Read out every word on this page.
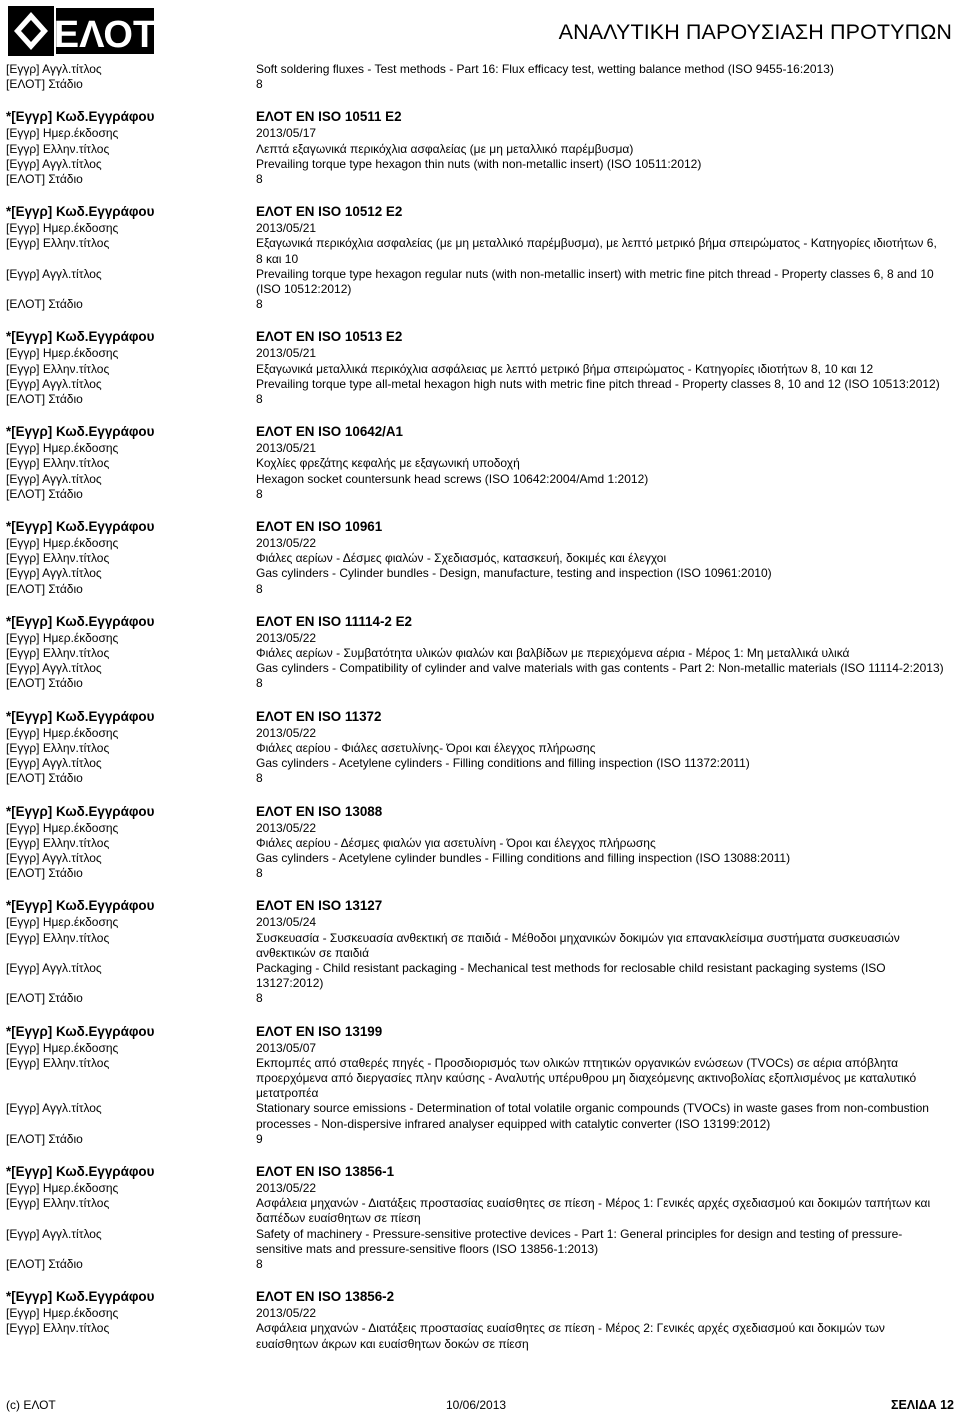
ΕΛΟΤ	ΑΝΑΛΥΤΙΚΗ ΠΑΡΟΥΣΙΑΣΗ ΠΡΟΤΥΠΩΝ
[Εγγρ] Αγγλ.τίτλος	Soft soldering fluxes - Test methods - Part 16: Flux efficacy test, wetting balance method (ISO 9455-16:2013)
[ΕΛΟΤ] Στάδιο	8
*[Εγγρ] Κωδ.Εγγράφου	ΕΛΟΤ EN ISO 10511 E2
[Εγγρ] Ημερ.έκδοσης	2013/05/17
[Εγγρ] Ελλην.τίτλος	Λεπτά εξαγωνικά περικόχλια ασφαλείας (με μη μεταλλικό παρέμβυσμα)
[Εγγρ] Αγγλ.τίτλος	Prevailing torque type hexagon thin nuts (with non-metallic insert) (ISO 10511:2012)
[ΕΛΟΤ] Στάδιο	8
*[Εγγρ] Κωδ.Εγγράφου	ΕΛΟΤ EN ISO 10512 E2
[Εγγρ] Ημερ.έκδοσης	2013/05/21
[Εγγρ] Ελλην.τίτλος	Εξαγωνικά περικόχλια ασφαλείας (με μη μεταλλικό παρέμβυσμα), με λεπτό μετρικό βήμα σπειρώματος - Κατηγορίες ιδιοτήτων 6, 8 και 10
[Εγγρ] Αγγλ.τίτλος	Prevailing torque type hexagon regular nuts (with non-metallic insert) with metric fine pitch thread - Property classes 6, 8 and 10 (ISO 10512:2012)
[ΕΛΟΤ] Στάδιο	8
*[Εγγρ] Κωδ.Εγγράφου	ΕΛΟΤ EN ISO 10513 E2
[Εγγρ] Ημερ.έκδοσης	2013/05/21
[Εγγρ] Ελλην.τίτλος	Εξαγωνικά μεταλλικά περικόχλια ασφάλειας με λεπτό μετρικό βήμα σπειρώματος - Κατηγορίες ιδιοτήτων 8, 10 και 12
[Εγγρ] Αγγλ.τίτλος	Prevailing torque type all-metal hexagon high nuts with metric fine pitch thread - Property classes 8, 10 and 12 (ISO 10513:2012)
[ΕΛΟΤ] Στάδιο	8
*[Εγγρ] Κωδ.Εγγράφου	ΕΛΟΤ EN ISO 10642/A1
[Εγγρ] Ημερ.έκδοσης	2013/05/21
[Εγγρ] Ελλην.τίτλος	Κοχλίες φρεζάτης κεφαλής με εξαγωνική υποδοχή
[Εγγρ] Αγγλ.τίτλος	Hexagon socket countersunk head screws (ISO 10642:2004/Amd 1:2012)
[ΕΛΟΤ] Στάδιο	8
*[Εγγρ] Κωδ.Εγγράφου	ΕΛΟΤ EN ISO 10961
[Εγγρ] Ημερ.έκδοσης	2013/05/22
[Εγγρ] Ελλην.τίτλος	Φιάλες αερίων - Δέσμες φιαλών - Σχεδιασμός, κατασκευή, δοκιμές και έλεγχοι
[Εγγρ] Αγγλ.τίτλος	Gas cylinders - Cylinder bundles - Design, manufacture, testing and inspection (ISO 10961:2010)
[ΕΛΟΤ] Στάδιο	8
*[Εγγρ] Κωδ.Εγγράφου	ΕΛΟΤ EN ISO 11114-2 E2
[Εγγρ] Ημερ.έκδοσης	2013/05/22
[Εγγρ] Ελλην.τίτλος	Φιάλες αερίων - Συμβατότητα υλικών φιαλών και βαλβίδων με περιεχόμενα αέρια - Μέρος 1: Μη μεταλλικά υλικά
[Εγγρ] Αγγλ.τίτλος	Gas cylinders - Compatibility of cylinder and valve materials with gas contents - Part 2: Non-metallic materials (ISO 11114-2:2013)
[ΕΛΟΤ] Στάδιο	8
*[Εγγρ] Κωδ.Εγγράφου	ΕΛΟΤ EN ISO 11372
[Εγγρ] Ημερ.έκδοσης	2013/05/22
[Εγγρ] Ελλην.τίτλος	Φιάλες αερίου - Φιάλες ασετυλίνης- Όροι και έλεγχος πλήρωσης
[Εγγρ] Αγγλ.τίτλος	Gas cylinders - Acetylene cylinders - Filling conditions and filling inspection (ISO 11372:2011)
[ΕΛΟΤ] Στάδιο	8
*[Εγγρ] Κωδ.Εγγράφου	ΕΛΟΤ EN ISO 13088
[Εγγρ] Ημερ.έκδοσης	2013/05/22
[Εγγρ] Ελλην.τίτλος	Φιάλες αερίου - Δέσμες φιαλών για ασετυλίνη - Όροι και έλεγχος πλήρωσης
[Εγγρ] Αγγλ.τίτλος	Gas cylinders - Acetylene cylinder bundles - Filling conditions and filling inspection (ISO 13088:2011)
[ΕΛΟΤ] Στάδιο	8
*[Εγγρ] Κωδ.Εγγράφου	ΕΛΟΤ EN ISO 13127
[Εγγρ] Ημερ.έκδοσης	2013/05/24
[Εγγρ] Ελλην.τίτλος	Συσκευασία - Συσκευασία ανθεκτική σε παιδιά - Μέθοδοι μηχανικών δοκιμών για επανακλείσιμα συστήματα συσκευασιών ανθεκτικών σε παιδιά
[Εγγρ] Αγγλ.τίτλος	Packaging - Child resistant packaging - Mechanical test methods for reclosable child resistant packaging systems (ISO 13127:2012)
[ΕΛΟΤ] Στάδιο	8
*[Εγγρ] Κωδ.Εγγράφου	ΕΛΟΤ EN ISO 13199
[Εγγρ] Ημερ.έκδοσης	2013/05/07
[Εγγρ] Ελλην.τίτλος	Εκπομπές από σταθερές πηγές - Προσδιορισμός των ολικών πτητικών οργανικών ενώσεων (TVOCs) σε αέρια απόβλητα προερχόμενα από διεργασίες πλην καύσης - Αναλυτής υπέρυθρου μη διαχεόμενης ακτινοβολίας εξοπλισμένος με καταλυτικό μετατροπέα
[Εγγρ] Αγγλ.τίτλος	Stationary source emissions - Determination of total volatile organic compounds (TVOCs) in waste gases from non-combustion processes - Non-dispersive infrared analyser equipped with catalytic converter (ISO 13199:2012)
[ΕΛΟΤ] Στάδιο	9
*[Εγγρ] Κωδ.Εγγράφου	ΕΛΟΤ EN ISO 13856-1
[Εγγρ] Ημερ.έκδοσης	2013/05/22
[Εγγρ] Ελλην.τίτλος	Ασφάλεια μηχανών - Διατάξεις προστασίας ευαίσθητες σε πίεση - Μέρος 1: Γενικές αρχές σχεδιασμού και δοκιμών ταπήτων και δαπέδων ευαίσθητων σε πίεση
[Εγγρ] Αγγλ.τίτλος	Safety of machinery - Pressure-sensitive protective devices - Part 1: General principles for design and testing of pressure-sensitive mats and pressure-sensitive floors (ISO 13856-1:2013)
[ΕΛΟΤ] Στάδιο	8
*[Εγγρ] Κωδ.Εγγράφου	ΕΛΟΤ EN ISO 13856-2
[Εγγρ] Ημερ.έκδοσης	2013/05/22
[Εγγρ] Ελλην.τίτλος	Ασφάλεια μηχανών - Διατάξεις προστασίας ευαίσθητες σε πίεση - Μέρος 2: Γενικές αρχές σχεδιασμού και δοκιμών των ευαίσθητων άκρων και ευαίσθητων δοκών σε πίεση
(c) ΕΛΟΤ	10/06/2013	ΣΕΛΙΔΑ 12
